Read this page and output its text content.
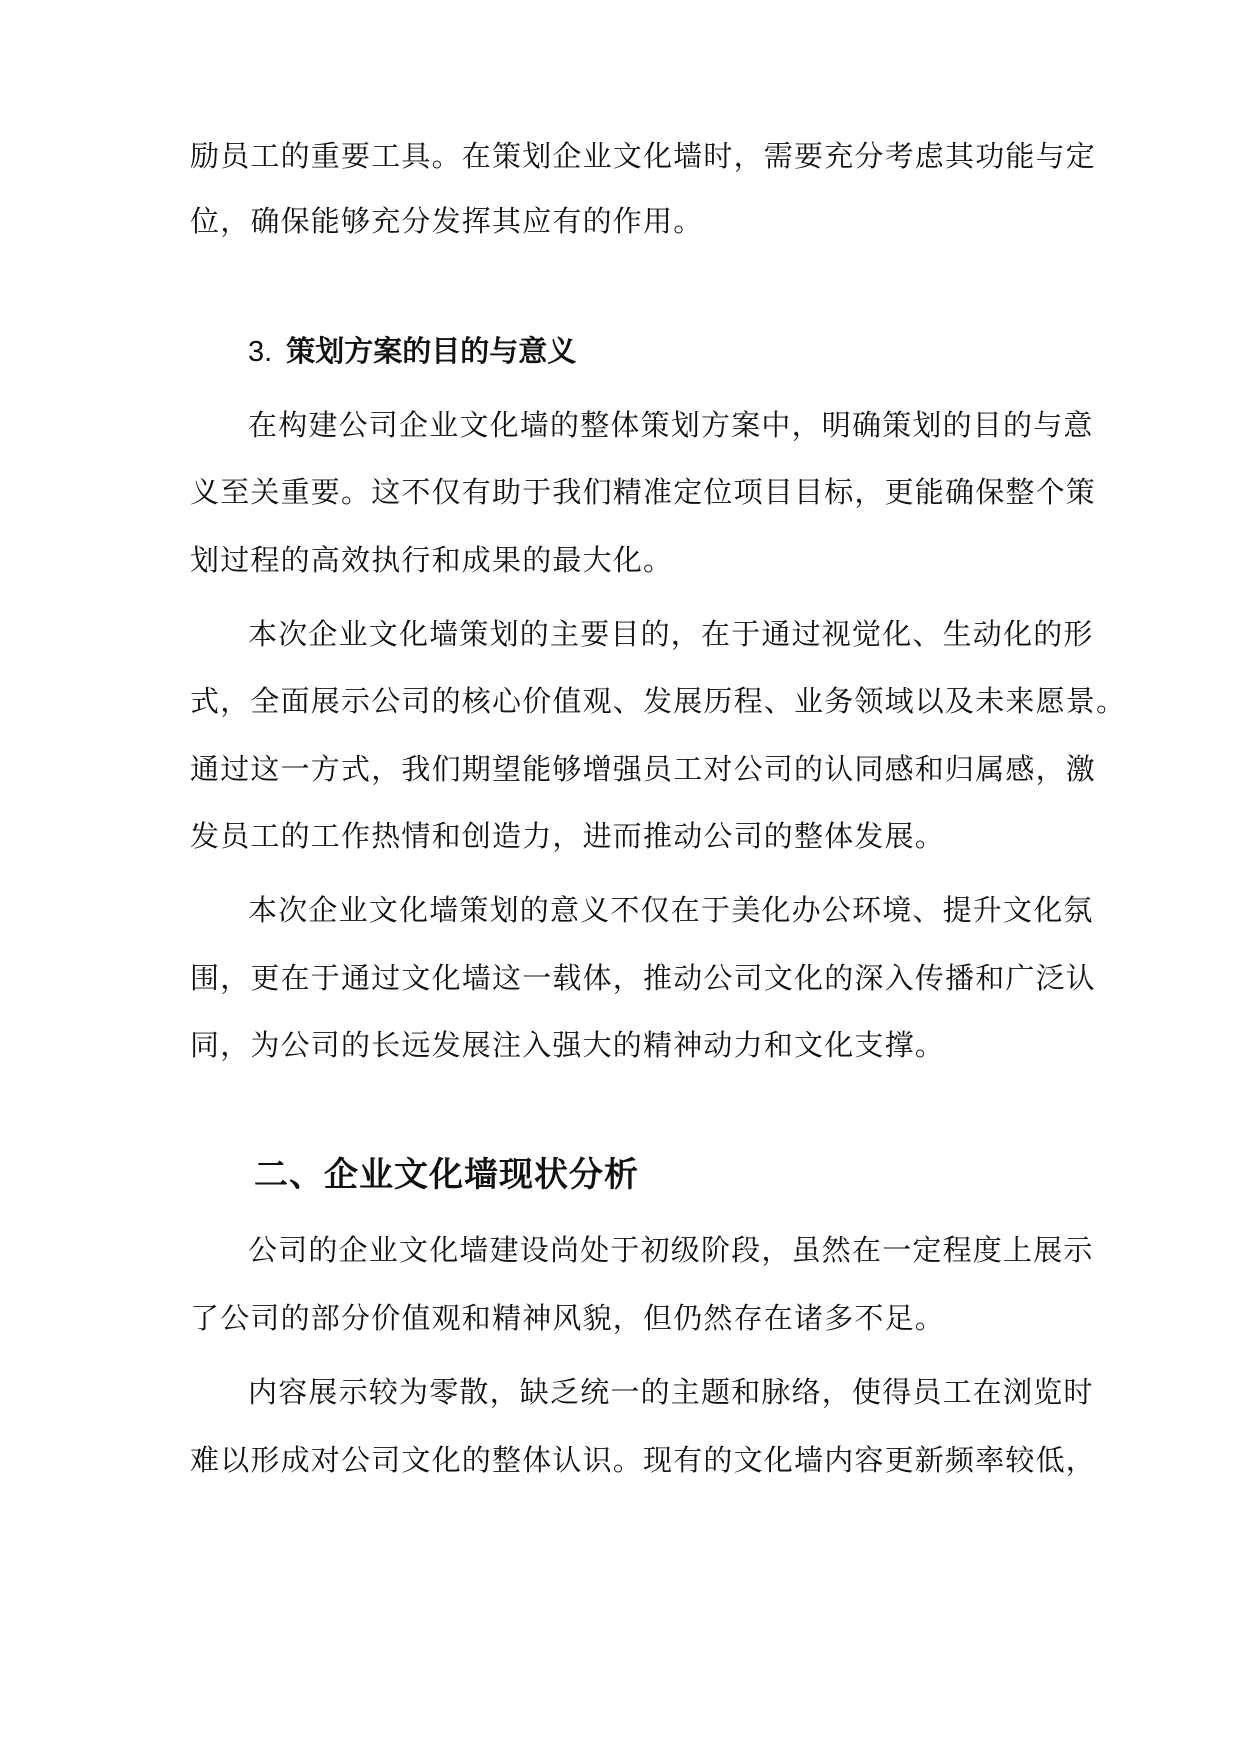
励员工的重要工具。在策划企业文化墙时，需要充分考虑其功能与定
位，确保能够充分发挥其应有的作用。
3. 策划方案的目的与意义
在构建公司企业文化墙的整体策划方案中，明确策划的目的与意
义至关重要。这不仅有助于我们精准定位项目目标，更能确保整个策
划过程的高效执行和成果的最大化。
本次企业文化墙策划的主要目的，在于通过视觉化、生动化的形
式，全面展示公司的核心价值观、发展历程、业务领域以及未来愿景。
通过这一方式，我们期望能够增强员工对公司的认同感和归属感，激
发员工的工作热情和创造力，进而推动公司的整体发展。
本次企业文化墙策划的意义不仅在于美化办公环境、提升文化氛
围，更在于通过文化墙这一载体，推动公司文化的深入传播和广泛认
同，为公司的长远发展注入强大的精神动力和文化支撑。
二、企业文化墙现状分析
公司的企业文化墙建设尚处于初级阶段，虽然在一定程度上展示
了公司的部分价值观和精神风貌，但仍然存在诸多不足。
内容展示较为零散，缺乏统一的主题和脉络，使得员工在浏览时
难以形成对公司文化的整体认识。现有的文化墙内容更新频率较低，
